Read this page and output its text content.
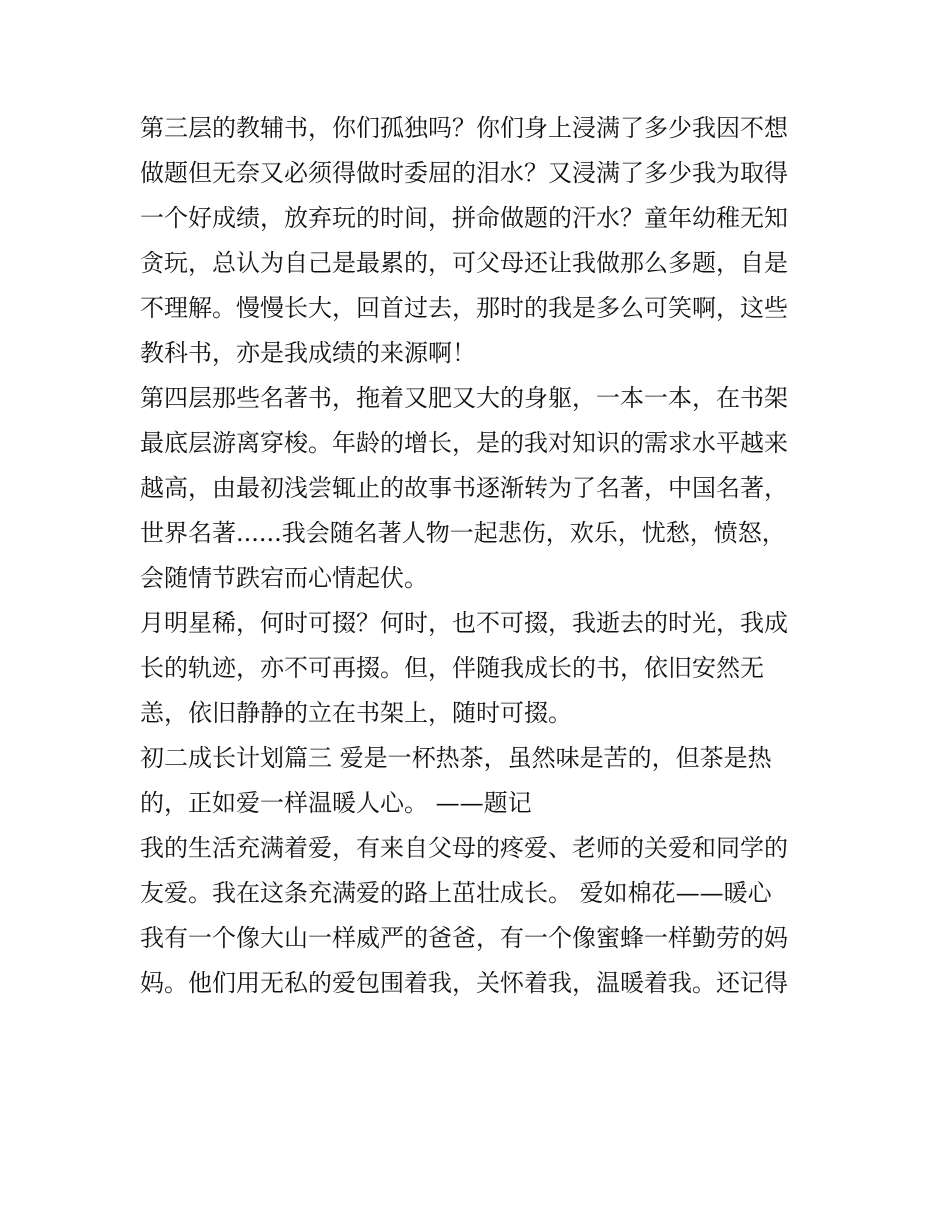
第三层的教辅书，你们孤独吗？你们身上浸满了多少我因不想
做题但无奈又必须得做时委屈的泪水？又浸满了多少我为取得
一个好成绩，放弃玩的时间，拼命做题的汗水？童年幼稚无知
贪玩，总认为自己是最累的，可父母还让我做那么多题，自是
不理解。慢慢长大，回首过去，那时的我是多么可笑啊，这些
教科书，亦是我成绩的来源啊！
第四层那些名著书，拖着又肥又大的身躯，一本一本，在书架
最底层游离穿梭。年龄的增长，是的我对知识的需求水平越来
越高，由最初浅尝辄止的故事书逐渐转为了名著，中国名著，
世界名著......我会随名著人物一起悲伤，欢乐，忧愁，愤怒，
会随情节跌宕而心情起伏。
月明星稀，何时可掇？何时，也不可掇，我逝去的时光，我成
长的轨迹，亦不可再掇。但，伴随我成长的书，依旧安然无
恙，依旧静静的立在书架上，随时可掇。
初二成长计划篇三 爱是一杯热茶，虽然味是苦的，但茶是热
的，正如爱一样温暖人心。 ——题记
我的生活充满着爱，有来自父母的疼爱、老师的关爱和同学的
友爱。我在这条充满爱的路上茁壮成长。 爱如棉花——暖心
我有一个像大山一样威严的爸爸，有一个像蜜蜂一样勤劳的妈
妈。他们用无私的爱包围着我，关怀着我，温暖着我。还记得
